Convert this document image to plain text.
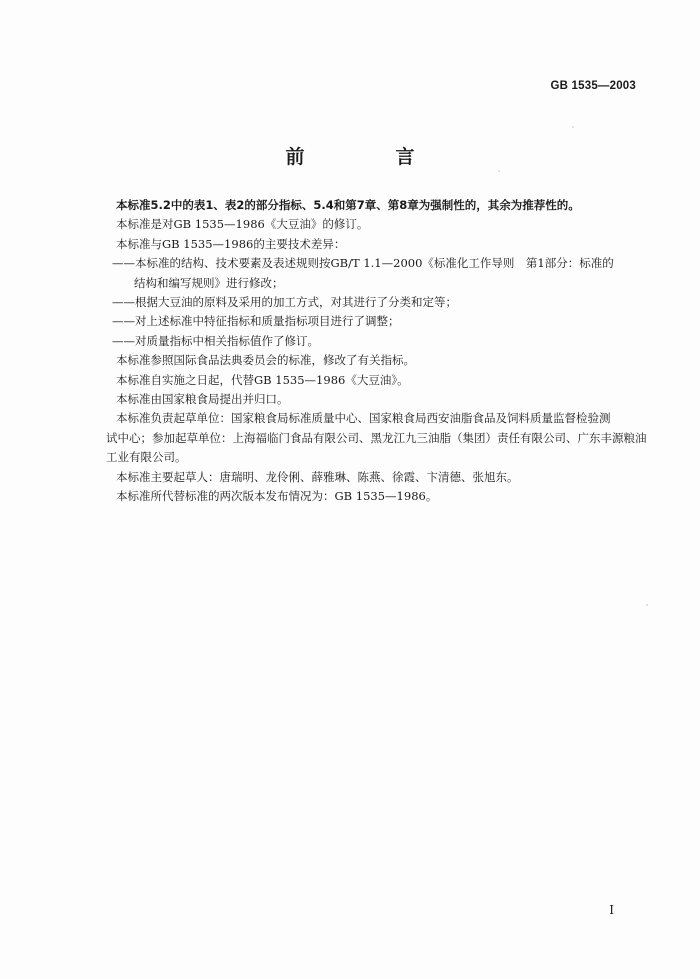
GB 1535—2003
前　言

本标准5.2中的表1、表2的部分指标、5.4和第7章、第8章为强制性的，其余为推荐性的。

本标准是对GB 1535—1986《大豆油》的修订。

本标准与GB 1535—1986的主要技术差异：

——本标准的结构、技术要素及表述规则按GB/T 1.1—2000《标准化工作导则　第1部分：标准的

结构和编写规则》进行修改；

——根据大豆油的原料及采用的加工方式，对其进行了分类和定等；

——对上述标准中特征指标和质量指标项目进行了调整；

——对质量指标中相关指标值作了修订。

本标准参照国际食品法典委员会的标准，修改了有关指标。

本标准自实施之日起，代替GB 1535—1986《大豆油》。

本标准由国家粮食局提出并归口。

本标准负责起草单位：国家粮食局标准质量中心、国家粮食局西安油脂食品及饲料质量监督检验测

试中心；参加起草单位：上海福临门食品有限公司、黑龙江九三油脂（集团）责任有限公司、广东丰源粮油

工业有限公司。

本标准主要起草人：唐瑞明、龙伶俐、薛雅琳、陈燕、徐霞、卞清德、张旭东。

本标准所代替标准的两次版本发布情况为：GB 1535—1986。

I
